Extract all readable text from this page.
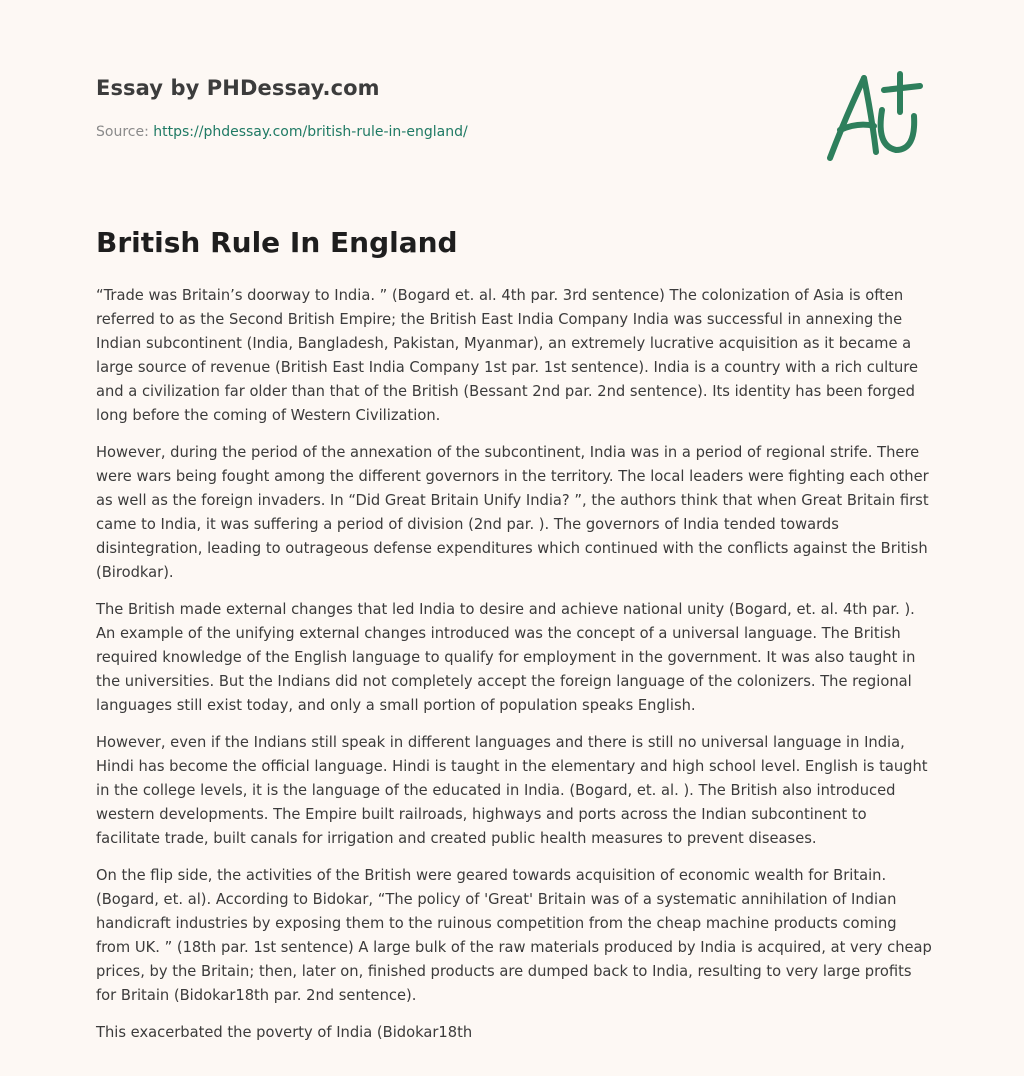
Essay by PHDessay.com
Source: https://phdessay.com/british-rule-in-england/
British Rule In England

“Trade was Britain’s doorway to India. ” (Bogard et. al. 4th par. 3rd sentence) The colonization of Asia is often referred to as the Second British Empire; the British East India Company India was successful in annexing the Indian subcontinent (India, Bangladesh, Pakistan, Myanmar), an extremely lucrative acquisition as it became a large source of revenue (British East India Company 1st par. 1st sentence). India is a country with a rich culture and a civilization far older than that of the British (Bessant 2nd par. 2nd sentence). Its identity has been forged long before the coming of Western Civilization.

However, during the period of the annexation of the subcontinent, India was in a period of regional strife. There were wars being fought among the different governors in the territory. The local leaders were fighting each other as well as the foreign invaders. In “Did Great Britain Unify India? ”, the authors think that when Great Britain first came to India, it was suffering a period of division (2nd par. ). The governors of India tended towards disintegration, leading to outrageous defense expenditures which continued with the conflicts against the British (Birodkar).

The British made external changes that led India to desire and achieve national unity (Bogard, et. al. 4th par. ). An example of the unifying external changes introduced was the concept of a universal language. The British required knowledge of the English language to qualify for employment in the government. It was also taught in the universities. But the Indians did not completely accept the foreign language of the colonizers. The regional languages still exist today, and only a small portion of population speaks English.

However, even if the Indians still speak in different languages and there is still no universal language in India, Hindi has become the official language. Hindi is taught in the elementary and high school level. English is taught in the college levels, it is the language of the educated in India. (Bogard, et. al. ). The British also introduced western developments. The Empire built railroads, highways and ports across the Indian subcontinent to facilitate trade, built canals for irrigation and created public health measures to prevent diseases.

On the flip side, the activities of the British were geared towards acquisition of economic wealth for Britain. (Bogard, et. al). According to Bidokar, “The policy of 'Great' Britain was of a systematic annihilation of Indian handicraft industries by exposing them to the ruinous competition from the cheap machine products coming from UK. ” (18th par. 1st sentence) A large bulk of the raw materials produced by India is acquired, at very cheap prices, by the Britain; then, later on, finished products are dumped back to India, resulting to very large profits for Britain (Bidokar18th par. 2nd sentence).

This exacerbated the poverty of India (Bidokar18th
